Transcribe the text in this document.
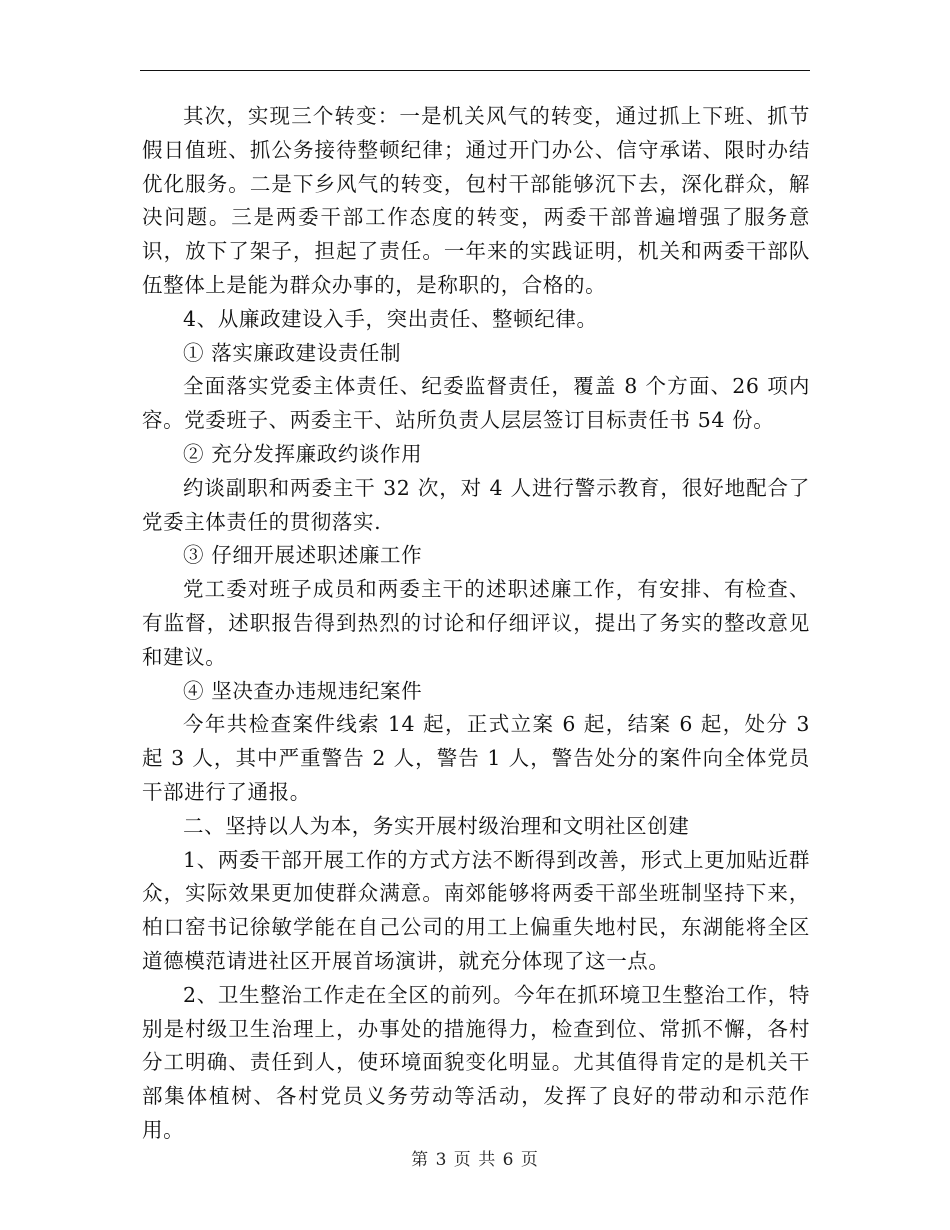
其次，实现三个转变：一是机关风气的转变，通过抓上下班、抓节假日值班、抓公务接待整顿纪律；通过开门办公、信守承诺、限时办结优化服务。二是下乡风气的转变，包村干部能够沉下去，深化群众，解决问题。三是两委干部工作态度的转变，两委干部普遍增强了服务意识，放下了架子，担起了责任。一年来的实践证明，机关和两委干部队伍整体上是能为群众办事的，是称职的，合格的。

4、从廉政建设入手，突出责任、整顿纪律。

① 落实廉政建设责任制

全面落实党委主体责任、纪委监督责任，覆盖 8 个方面、26 项内容。党委班子、两委主干、站所负责人层层签订目标责任书 54 份。

② 充分发挥廉政约谈作用

约谈副职和两委主干 32 次，对 4 人进行警示教育，很好地配合了党委主体责任的贯彻落实.

③ 仔细开展述职述廉工作

党工委对班子成员和两委主干的述职述廉工作，有安排、有检查、有监督，述职报告得到热烈的讨论和仔细评议，提出了务实的整改意见和建议。

④ 坚决查办违规违纪案件

今年共检查案件线索 14 起，正式立案 6 起，结案 6 起，处分 3 起 3 人，其中严重警告 2 人，警告 1 人，警告处分的案件向全体党员干部进行了通报。

二、坚持以人为本，务实开展村级治理和文明社区创建

1、两委干部开展工作的方式方法不断得到改善，形式上更加贴近群众，实际效果更加使群众满意。南郊能够将两委干部坐班制坚持下来，柏口窑书记徐敏学能在自己公司的用工上偏重失地村民，东湖能将全区道德模范请进社区开展首场演讲，就充分体现了这一点。

2、卫生整治工作走在全区的前列。今年在抓环境卫生整治工作，特别是村级卫生治理上，办事处的措施得力，检查到位、常抓不懈，各村分工明确、责任到人，使环境面貌变化明显。尤其值得肯定的是机关干部集体植树、各村党员义务劳动等活动，发挥了良好的带动和示范作用。

第 3 页 共 6 页
